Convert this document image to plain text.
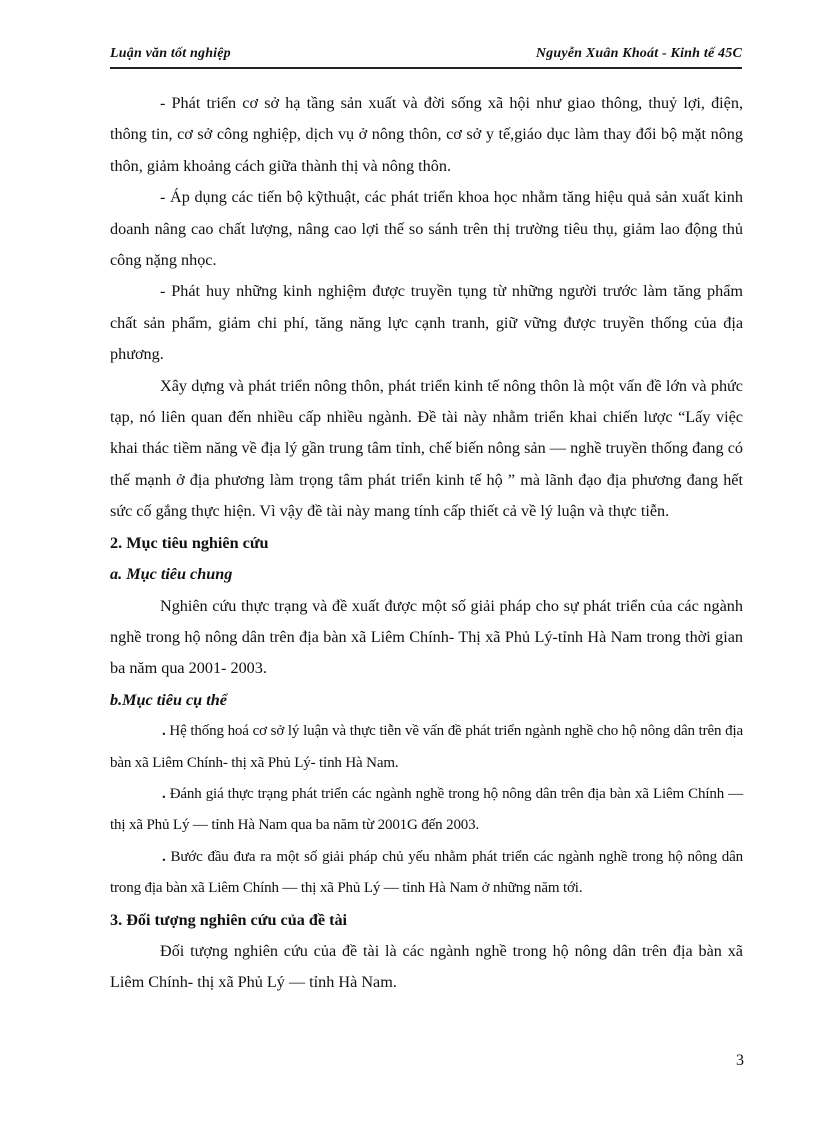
Luận văn tốt nghiệp	Nguyễn Xuân Khoát - Kinh tế 45C

- Phát triển cơ sở hạ tầng sản xuất và đời sống xã hội như giao thông, thuỷ lợi, điện, thông tin, cơ sở công nghiệp, dịch vụ ở nông thôn, cơ sở y tế,giáo dục làm thay đổi bộ mặt nông thôn, giảm khoảng cách giữa thành thị và nông thôn.

- Áp dụng các tiến bộ kỹthuật, các phát triển khoa học nhằm tăng hiệu quả sản xuất kinh doanh nâng cao chất lượng, nâng cao lợi thế so sánh trên thị trường tiêu thụ, giảm lao động thủ công nặng nhọc.

- Phát huy những kinh nghiệm được truyền tụng từ những người trước làm tăng phẩm chất sản phẩm, giảm chi phí, tăng năng lực cạnh tranh, giữ vững được truyền thống của địa phương.

Xây dựng và phát triển nông thôn, phát triển kinh tế nông thôn là một vấn đề lớn và phức tạp, nó liên quan đến nhiều cấp nhiều ngành. Đề tài này nhằm triển khai chiến lược “Lấy việc khai thác tiềm năng về địa lý gần trung tâm tỉnh, chế biến nông sản — nghề truyền thống đang có thế mạnh ở địa phương làm trọng tâm phát triển kinh tế hộ ” mà lãnh đạo địa phương đang hết sức cố gắng thực hiện. Vì vậy đề tài này mang tính cấp thiết cả về lý luận và thực tiễn.

2. Mục tiêu nghiên cứu

a. Mục tiêu chung

Nghiên cứu thực trạng và đề xuất được một số giải pháp cho sự phát triển của các ngành nghề trong hộ nông dân trên địa bàn xã Liêm Chính- Thị xã Phủ Lý-tỉnh Hà Nam trong thời gian ba năm qua 2001- 2003.

b.Mục tiêu cụ thể

. Hệ thống hoá cơ sở lý luận và thực tiễn về vấn đề phát triển ngành nghề cho hộ nông dân trên địa bàn xã Liêm Chính- thị xã Phủ Lý- tỉnh Hà Nam.

. Đánh giá thực trạng phát triển các ngành nghề trong hộ nông dân trên địa bàn xã Liêm Chính — thị xã Phủ Lý — tỉnh Hà Nam qua ba năm từ 2001G đến 2003.

. Bước đầu đưa ra một số giải pháp chủ yếu nhằm phát triển các ngành nghề trong hộ nông dân trong địa bàn xã Liêm Chính — thị xã Phủ Lý — tỉnh Hà Nam ở những năm tới.

3. Đối tượng nghiên cứu của đề tài

Đối tượng nghiên cứu của đề tài là các ngành nghề trong hộ nông dân trên địa bàn xã Liêm Chính- thị xã Phủ Lý — tỉnh Hà Nam.

3
